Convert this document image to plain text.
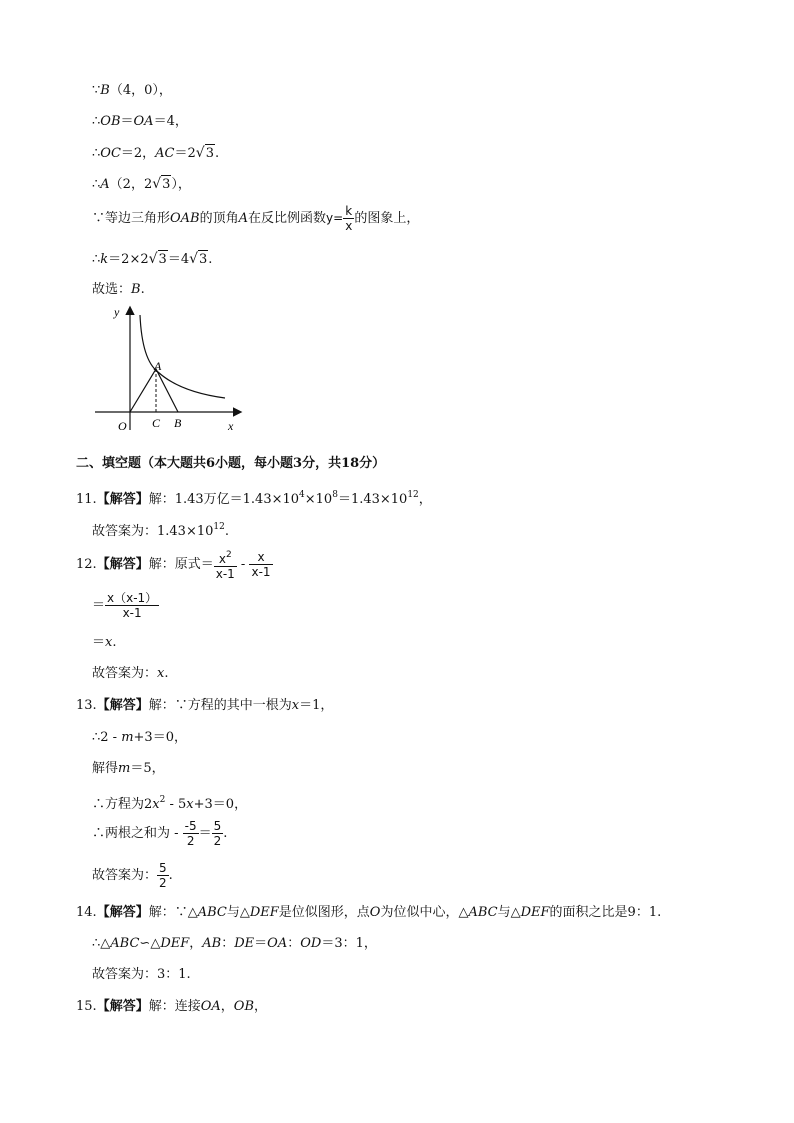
∵B（4，0），
∴OB＝OA＝4，
∴OC＝2，AC＝2√3.
∴A（2，2√3），
∵等边三角形OAB的顶角A在反比例函数$y= \frac{k}{x}$ 的图象上，
∴k＝2×2√3＝4√3.
故选：B.
y
x
O
A
C B
二、填空题（本大题共6小题，每小题3分，共18分）
11.【解答】解：1.43万亿$=1.43\times 10^4\times 10^8=1.43\times 10^{12}$，
故答案为：$1.43\times 10^{12}$.
12.【解答】解：原式＝ $\frac{x^2}{x-1} - \frac{x}{x-1}$
＝ $\frac{x(x-1)}{x-1}$
＝x.
故答案为：x.
13.【解答】解：∵方程的其中一根为x＝1，
∴2 - m+3＝0，
解得m＝5，
∴方程为$2x^2 - 5x+3=0$，
∴两根之和为 - $\frac{-5}{2} = \frac{5}{2}$ .
故答案为： $\frac{5}{2}$ .
14.【解答】解：∵△ABC与△DEF是位似图形，点O为位似中心，△ABC与△DEF的面积之比是9：1.
∴△ABC∽△DEF，AB：DE＝OA：OD＝3：1，
故答案为：3：1.
15.【解答】解：连接OA，OB，
